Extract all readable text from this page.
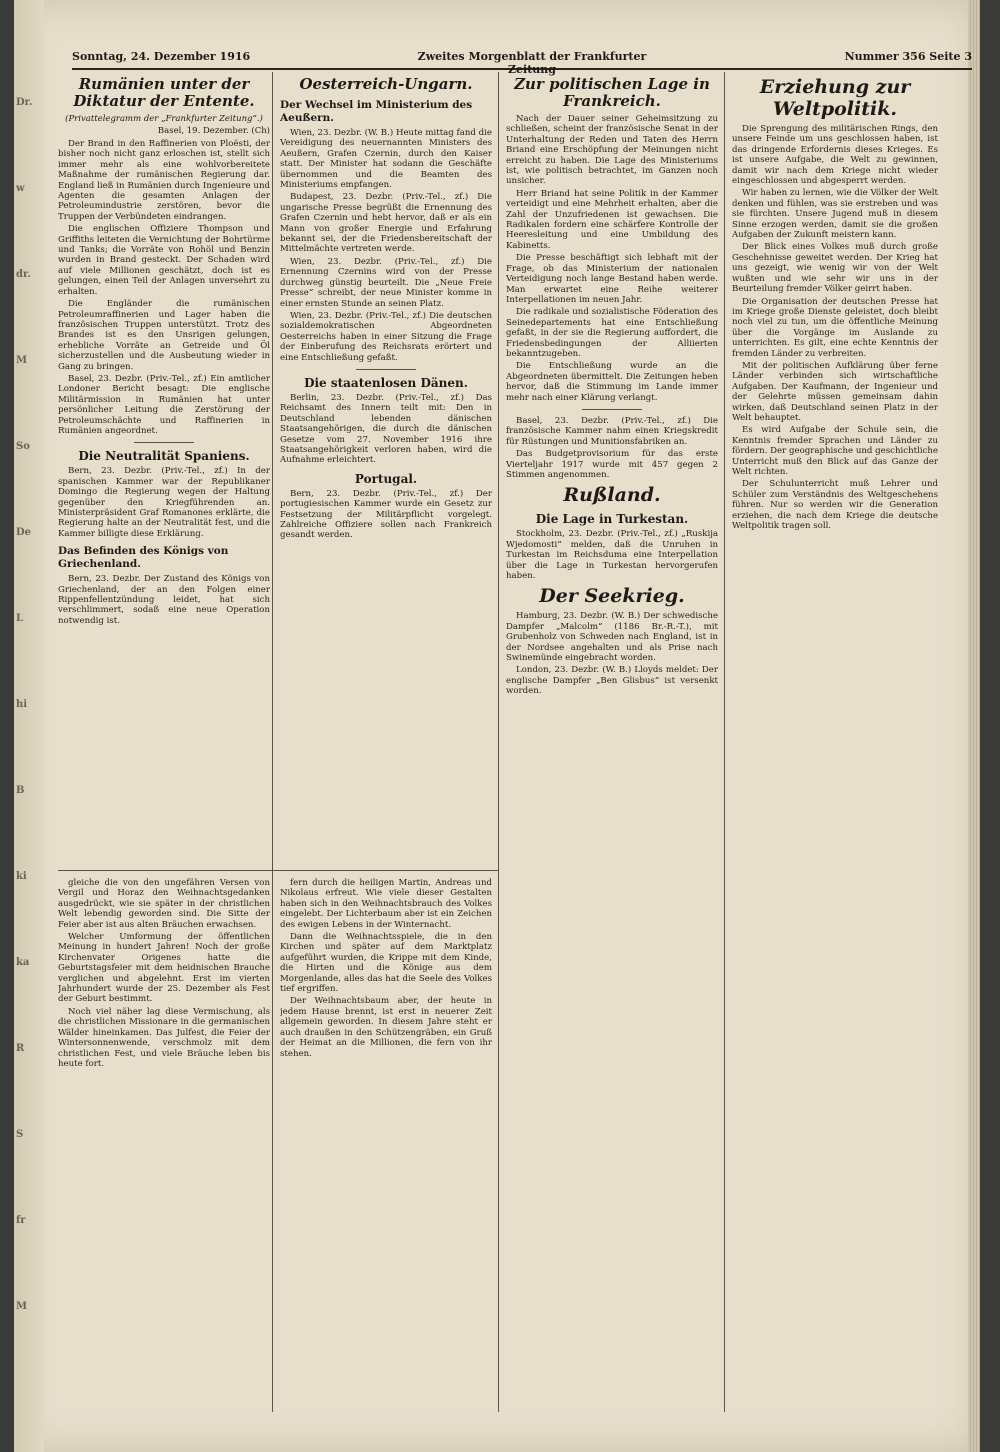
Dr.
w
dr.
M
So
De
L
hi
B
ki
ka
R
S
fr
M
Sonntag, 24. Dezember 1916	Zweites Morgenblatt der Frankfurter Zeitung
Nummer 356 Seite 3
Rumänien unter der Diktatur der Entente.
(Privattelegramm der „Frankfurter Zeitung“.)
Basel, 19. Dezember. (Ch)

Der Brand in den Raffinerien von Ploësti, der bisher noch nicht ganz erloschen ist, stellt sich immer mehr als eine wohlvorbereitete Maßnahme der rumänischen Regierung dar. England ließ in Rumänien durch Ingenieure und Agenten die gesamten Anlagen der Petroleumindustrie zerstören, bevor die Truppen der Verbündeten eindrangen.

Die englischen Offiziere Thompson und Griffiths leiteten die Vernichtung der Bohrtürme und Tanks; die Vorräte von Rohöl und Benzin wurden in Brand gesteckt. Der Schaden wird auf viele Millionen geschätzt, doch ist es gelungen, einen Teil der Anlagen unversehrt zu erhalten.

Die Engländer die rumänischen Petroleumraffinerien und Lager haben die französischen Truppen unterstützt. Trotz des Brandes ist es den Unsrigen gelungen, erhebliche Vorräte an Getreide und Öl sicherzustellen und die Ausbeutung wieder in Gang zu bringen.

Basel, 23. Dezbr. (Priv.-Tel., zf.) Ein amtlicher Londoner Bericht besagt: Die englische Militärmission in Rumänien hat unter persönlicher Leitung die Zerstörung der Petroleumschächte und Raffinerien in Rumänien angeordnet.

Die Neutralität Spaniens.

Bern, 23. Dezbr. (Priv.-Tel., zf.) In der spanischen Kammer war der Republikaner Domingo die Regierung wegen der Haltung gegenüber den Kriegführenden an. Ministerpräsident Graf Romanones erklärte, die Regierung halte an der Neutralität fest, und die Kammer billigte diese Erklärung.

Das Befinden des Königs von Griechenland.

Bern, 23. Dezbr. Der Zustand des Königs von Griechenland, der an den Folgen einer Rippenfellentzündung leidet, hat sich verschlimmert, sodaß eine neue Operation notwendig ist.

Oesterreich-Ungarn.
Der Wechsel im Ministerium des Aeußern.

Wien, 23. Dezbr. (W. B.) Heute mittag fand die Vereidigung des neuernannten Ministers des Aeußern, Grafen Czernin, durch den Kaiser statt. Der Minister hat sodann die Geschäfte übernommen und die Beamten des Ministeriums empfangen.

Budapest, 23. Dezbr. (Priv.-Tel., zf.) Die ungarische Presse begrüßt die Ernennung des Grafen Czernin und hebt hervor, daß er als ein Mann von großer Energie und Erfahrung bekannt sei, der die Friedensbereitschaft der Mittelmächte vertreten werde.

Wien, 23. Dezbr. (Priv.-Tel., zf.) Die Ernennung Czernins wird von der Presse durchweg günstig beurteilt. Die „Neue Freie Presse“ schreibt, der neue Minister komme in einer ernsten Stunde an seinen Platz.

Wien, 23. Dezbr. (Priv.-Tel., zf.) Die deutschen sozialdemokratischen Abgeordneten Oesterreichs haben in einer Sitzung die Frage der Einberufung des Reichsrats erörtert und eine Entschließung gefaßt.

Die staatenlosen Dänen.

Berlin, 23. Dezbr. (Priv.-Tel., zf.) Das Reichsamt des Innern teilt mit: Den in Deutschland lebenden dänischen Staatsangehörigen, die durch die dänischen Gesetze vom 27. November 1916 ihre Staatsangehörigkeit verloren haben, wird die Aufnahme erleichtert.

Portugal.

Bern, 23. Dezbr. (Priv.-Tel., zf.) Der portugiesischen Kammer wurde ein Gesetz zur Festsetzung der Militärpflicht vorgelegt. Zahlreiche Offiziere sollen nach Frankreich gesandt werden.

gleiche die von den ungefähren Versen von Vergil und Horaz den Weihnachtsgedanken ausgedrückt, wie sie später in der christlichen Welt lebendig geworden sind. Die Sitte der Feier aber ist aus alten Bräuchen erwachsen.

Welcher Umformung der öffentlichen Meinung in hundert Jahren! Noch der große Kirchenvater Origenes hatte die Geburtstagsfeier mit dem heidnischen Brauche verglichen und abgelehnt. Erst im vierten Jahrhundert wurde der 25. Dezember als Fest der Geburt bestimmt.

Noch viel näher lag diese Vermischung, als die christlichen Missionare in die germanischen Wälder hineinkamen. Das Julfest, die Feier der Wintersonnenwende, verschmolz mit dem christlichen Fest, und viele Bräuche leben bis heute fort.

fern durch die heiligen Martin, Andreas und Nikolaus erfreut. Wie viele dieser Gestalten haben sich in den Weihnachtsbrauch des Volkes eingelebt. Der Lichterbaum aber ist ein Zeichen des ewigen Lebens in der Winternacht.

Dann die Weihnachtsspiele, die in den Kirchen und später auf dem Marktplatz aufgeführt wurden, die Krippe mit dem Kinde, die Hirten und die Könige aus dem Morgenlande, alles das hat die Seele des Volkes tief ergriffen.

Der Weihnachtsbaum aber, der heute in jedem Hause brennt, ist erst in neuerer Zeit allgemein geworden. In diesem Jahre steht er auch draußen in den Schützengräben, ein Gruß der Heimat an die Millionen, die fern von ihr stehen.

Zur politischen Lage in Frankreich.

Nach der Dauer seiner Geheimsitzung zu schließen, scheint der französische Senat in der Unterhaltung der Reden und Taten des Herrn Briand eine Erschöpfung der Meinungen nicht erreicht zu haben. Die Lage des Ministeriums ist, wie politisch betrachtet, im Ganzen noch unsicher.

Herr Briand hat seine Politik in der Kammer verteidigt und eine Mehrheit erhalten, aber die Zahl der Unzufriedenen ist gewachsen. Die Radikalen fordern eine schärfere Kontrolle der Heeresleitung und eine Umbildung des Kabinetts.

Die Presse beschäftigt sich lebhaft mit der Frage, ob das Ministerium der nationalen Verteidigung noch lange Bestand haben werde. Man erwartet eine Reihe weiterer Interpellationen im neuen Jahr.

Die radikale und sozialistische Föderation des Seinedepartements hat eine Entschließung gefaßt, in der sie die Regierung auffordert, die Friedensbedingungen der Alliierten bekanntzugeben.

Die Entschließung wurde an die Abgeordneten übermittelt. Die Zeitungen heben hervor, daß die Stimmung im Lande immer mehr nach einer Klärung verlangt.

Basel, 23. Dezbr. (Priv.-Tel., zf.) Die französische Kammer nahm einen Kriegskredit für Rüstungen und Munitionsfabriken an.

Das Budgetprovisorium für das erste Vierteljahr 1917 wurde mit 457 gegen 2 Stimmen angenommen.

Rußland.
Die Lage in Turkestan.

Stockholm, 23. Dezbr. (Priv.-Tel., zf.) „Ruskija Wjedomosti“ melden, daß die Unruhen in Turkestan im Reichsduma eine Interpellation über die Lage in Turkestan hervorgerufen haben.

Der Seekrieg.

Hamburg, 23. Dezbr. (W. B.) Der schwedische Dampfer „Malcolm“ (1186 Br.-R.-T.), mit Grubenholz von Schweden nach England, ist in der Nordsee angehalten und als Prise nach Swinemünde eingebracht worden.

London, 23. Dezbr. (W. B.) Lloyds meldet: Der englische Dampfer „Ben Glisbus“ ist versenkt worden.

Erziehung zur Weltpolitik.

Die Sprengung des militärischen Rings, den unsere Feinde um uns geschlossen haben, ist das dringende Erfordernis dieses Krieges. Es ist unsere Aufgabe, die Welt zu gewinnen, damit wir nach dem Kriege nicht wieder eingeschlossen und abgesperrt werden.

Wir haben zu lernen, wie die Völker der Welt denken und fühlen, was sie erstreben und was sie fürchten. Unsere Jugend muß in diesem Sinne erzogen werden, damit sie die großen Aufgaben der Zukunft meistern kann.

Der Blick eines Volkes muß durch große Geschehnisse geweitet werden. Der Krieg hat uns gezeigt, wie wenig wir von der Welt wußten und wie sehr wir uns in der Beurteilung fremder Völker geirrt haben.

Die Organisation der deutschen Presse hat im Kriege große Dienste geleistet, doch bleibt noch viel zu tun, um die öffentliche Meinung über die Vorgänge im Auslande zu unterrichten. Es gilt, eine echte Kenntnis der fremden Länder zu verbreiten.

Mit der politischen Aufklärung über ferne Länder verbinden sich wirtschaftliche Aufgaben. Der Kaufmann, der Ingenieur und der Gelehrte müssen gemeinsam dahin wirken, daß Deutschland seinen Platz in der Welt behauptet.

Es wird Aufgabe der Schule sein, die Kenntnis fremder Sprachen und Länder zu fördern. Der geographische und geschichtliche Unterricht muß den Blick auf das Ganze der Welt richten.

Der Schulunterricht muß Lehrer und Schüler zum Verständnis des Weltgeschehens führen. Nur so werden wir die Generation erziehen, die nach dem Kriege die deutsche Weltpolitik tragen soll.
